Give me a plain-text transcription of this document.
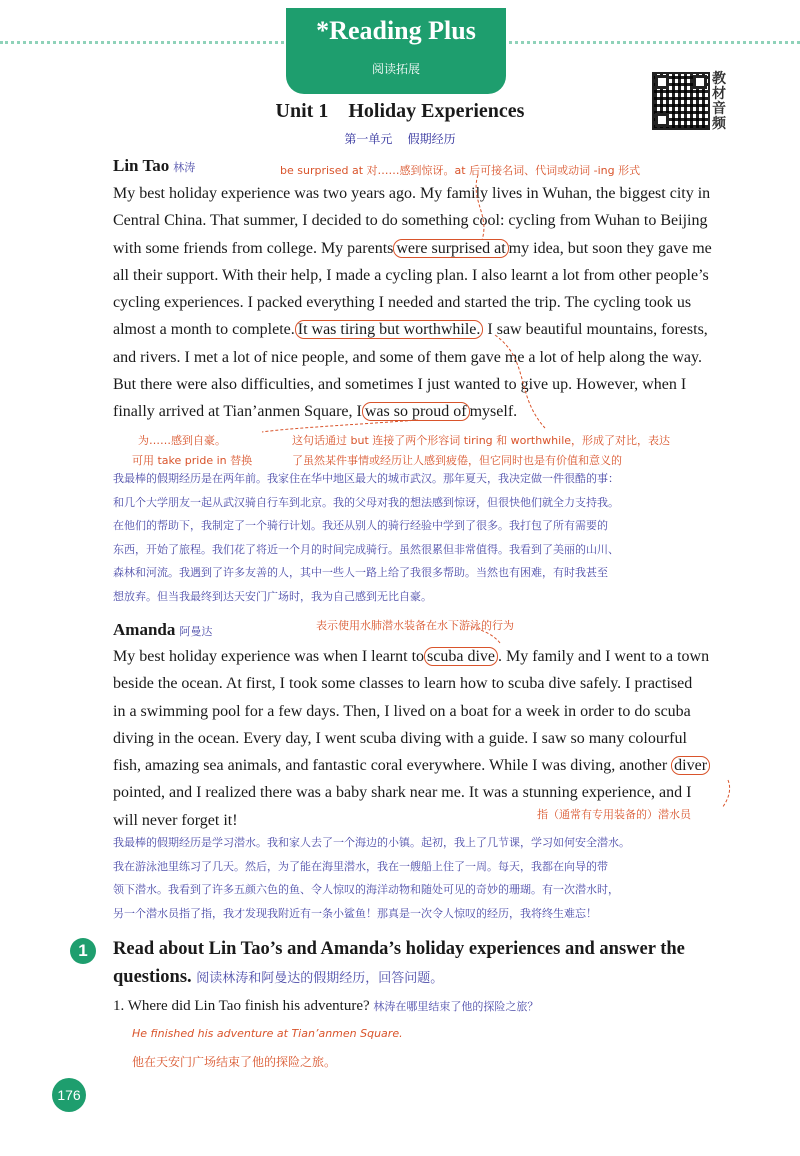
*Reading Plus
阅读拓展
教材音频
Unit 1    Holiday Experiences
第一单元    假期经历
Lin Tao 林涛	be surprised at 对……感到惊讶。at 后可接名词、代词或动词 -ing 形式
My best holiday experience was two years ago. My family lives in Wuhan, the biggest city in
Central China. That summer, I decided to do something cool: cycling from Wuhan to Beijing
with some friends from college. My parents were surprised at my idea, but soon they gave me
all their support. With their help, I made a cycling plan. I also learnt a lot from other people’s
cycling experiences. I packed everything I needed and started the trip. The cycling took us
almost a month to complete. It was tiring but worthwhile. I saw beautiful mountains, forests,
and rivers. I met a lot of nice people, and some of them gave me a lot of help along the way.
But there were also difficulties, and sometimes I just wanted to give up. However, when I
finally arrived at Tian’anmen Square, I was so proud of myself.
为……感到自豪。	这句话通过 but 连接了两个形容词 tiring 和 worthwhile，形成了对比，表达
可用 take pride in 替换	了虽然某件事情或经历让人感到疲倦，但它同时也是有价值和意义的
我最棒的假期经历是在两年前。我家住在华中地区最大的城市武汉。那年夏天，我决定做一件很酷的事：
和几个大学朋友一起从武汉骑自行车到北京。我的父母对我的想法感到惊讶，但很快他们就全力支持我。
在他们的帮助下，我制定了一个骑行计划。我还从别人的骑行经验中学到了很多。我打包了所有需要的
东西，开始了旅程。我们花了将近一个月的时间完成骑行。虽然很累但非常值得。我看到了美丽的山川、
森林和河流。我遇到了许多友善的人，其中一些人一路上给了我很多帮助。当然也有困难，有时我甚至
想放弃。但当我最终到达天安门广场时，我为自己感到无比自豪。
Amanda 阿曼达	表示使用水肺潜水装备在水下游泳的行为
My best holiday experience was when I learnt to scuba dive . My family and I went to a town
beside the ocean. At first, I took some classes to learn how to scuba dive safely. I practised
in a swimming pool for a few days. Then, I lived on a boat for a week in order to do scuba
diving in the ocean. Every day, I went scuba diving with a guide. I saw so many colourful
fish, amazing sea animals, and fantastic coral everywhere. While I was diving, another diver
pointed, and I realized there was a baby shark near me. It was a stunning experience, and I
will never forget it!	指（通常有专用装备的）潜水员
我最棒的假期经历是学习潜水。我和家人去了一个海边的小镇。起初，我上了几节课，学习如何安全潜水。
我在游泳池里练习了几天。然后，为了能在海里潜水，我在一艘船上住了一周。每天，我都在向导的带
领下潜水。我看到了许多五颜六色的鱼、令人惊叹的海洋动物和随处可见的奇妙的珊瑚。有一次潜水时，
另一个潜水员指了指，我才发现我附近有一条小鲨鱼！那真是一次令人惊叹的经历，我将终生难忘！
1	Read about Lin Tao’s and Amanda’s holiday experiences and answer the
questions. 阅读林涛和阿曼达的假期经历，回答问题。
1. Where did Lin Tao finish his adventure? 林涛在哪里结束了他的探险之旅？
He finished his adventure at Tian’anmen Square.
他在天安门广场结束了他的探险之旅。
176
